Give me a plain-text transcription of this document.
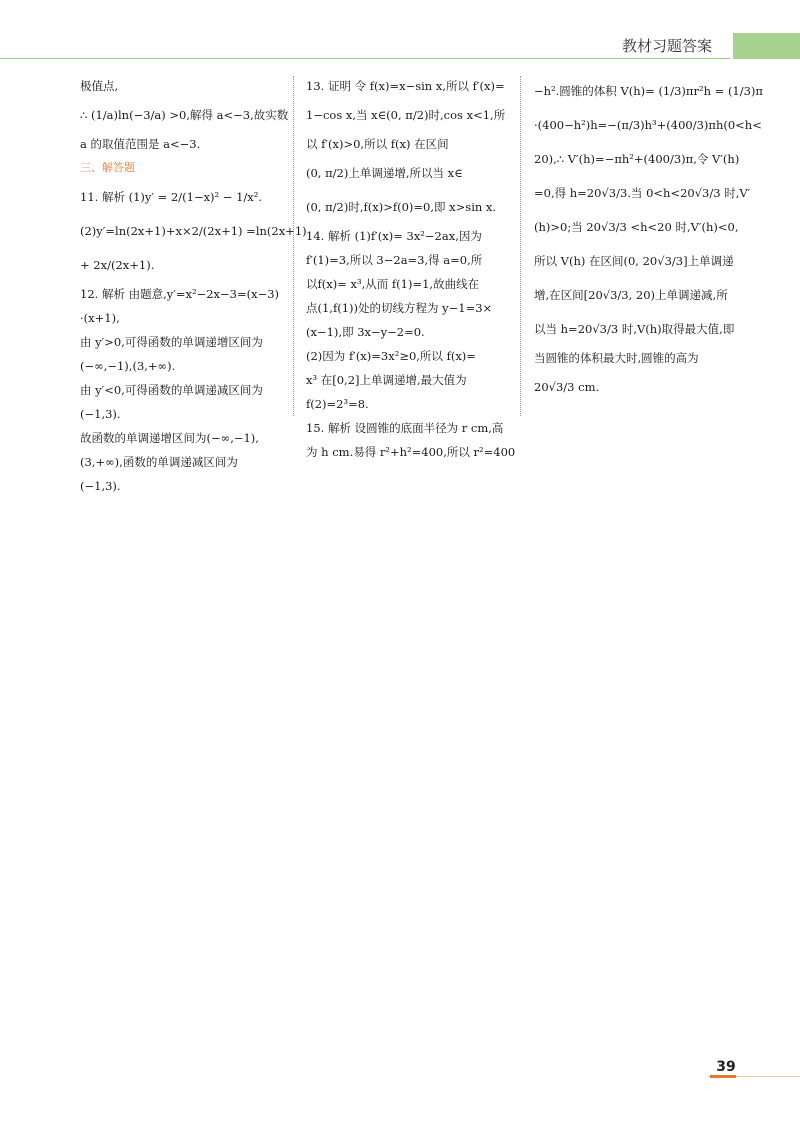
教材习题答案
极值点,
∴ (1/a)ln(−3/a) >0,解得 a<−3,故实数
a 的取值范围是 a<−3.
三、解答题
11. 解析 (1)y′ = 2/(1−x)² − 1/x².
(2)y′=ln(2x+1)+x×2/(2x+1) =ln(2x+1)
+ 2x/(2x+1).
12. 解析 由题意,y′=x²−2x−3=(x−3)
·(x+1),
由 y′>0,可得函数的单调递增区间为
(−∞,−1),(3,+∞).
由 y′<0,可得函数的单调递减区间为
(−1,3).
故函数的单调递增区间为(−∞,−1),
(3,+∞),函数的单调递减区间为
(−1,3).
13. 证明 令 f(x)=x−sin x,所以 f′(x)=
1−cos x,当 x∈(0, π/2)时,cos x<1,所
以 f′(x)>0,所以 f(x) 在区间
(0, π/2)上单调递增,所以当 x∈
(0, π/2)时,f(x)>f(0)=0,即 x>sin x.
14. 解析 (1)f′(x)= 3x²−2ax,因为
f′(1)=3,所以 3−2a=3,得 a=0,所
以f(x)= x³,从而 f(1)=1,故曲线在
点(1,f(1))处的切线方程为 y−1=3×
(x−1),即 3x−y−2=0.
(2)因为 f′(x)=3x²≥0,所以 f(x)=
x³ 在[0,2]上单调递增,最大值为
f(2)=2³=8.
15. 解析 设圆锥的底面半径为 r cm,高
为 h cm.易得 r²+h²=400,所以 r²=400
−h².圆锥的体积 V(h)= (1/3)πr²h = (1/3)π
·(400−h²)h=−(π/3)h³+(400/3)πh(0<h<
20),∴ V′(h)=−πh²+(400/3)π,令 V′(h)
=0,得 h=20√3/3.当 0<h<20√3/3 时,V′
(h)>0;当 20√3/3 <h<20 时,V′(h)<0,
所以 V(h) 在区间(0, 20√3/3]上单调递
增,在区间[20√3/3, 20)上单调递减,所
以当 h=20√3/3 时,V(h)取得最大值,即
当圆锥的体积最大时,圆锥的高为
20√3/3 cm.
39
